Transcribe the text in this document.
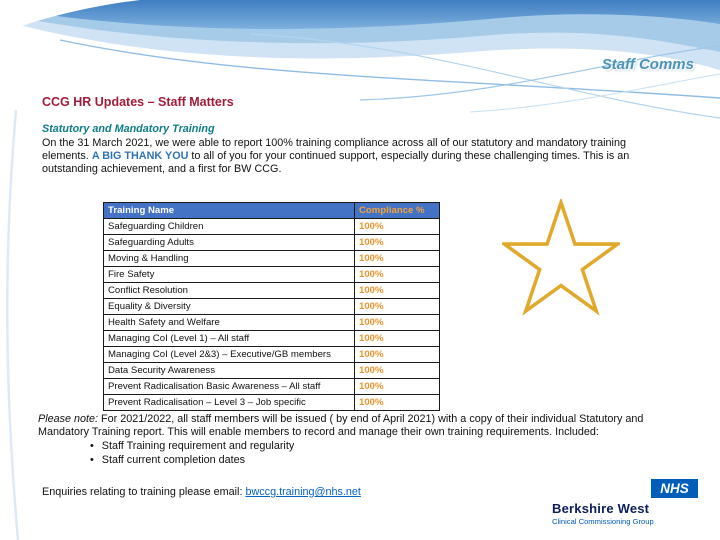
Staff Comms
CCG HR Updates – Staff Matters
Statutory and Mandatory Training
On the 31 March 2021, we were able to report 100% training compliance across all of our statutory and mandatory training elements. A BIG THANK YOU to all of you for your continued support, especially during these challenging times. This is an outstanding achievement, and a first for BW CCG.
Training Name	Compliance %
Safeguarding Children	100%
Safeguarding Adults	100%
Moving & Handling	100%
Fire Safety	100%
Conflict Resolution	100%
Equality & Diversity	100%
Health Safety and Welfare	100%
Managing CoI (Level 1) – All staff	100%
Managing CoI (Level 2&3) – Executive/GB members	100%
Data Security Awareness	100%
Prevent Radicalisation Basic Awareness – All staff	100%
Prevent Radicalisation – Level 3 – Job specific	100%
Please note: For 2021/2022, all staff members will be issued ( by end of April 2021) with a copy of their individual Statutory and Mandatory Training report. This will enable members to record and manage their own training requirements. Included:
• Staff Training requirement and regularity
• Staff current completion dates
Enquiries relating to training please email: bwccg.training@nhs.net	NHS
Berkshire West
Clinical Commissioning Group
